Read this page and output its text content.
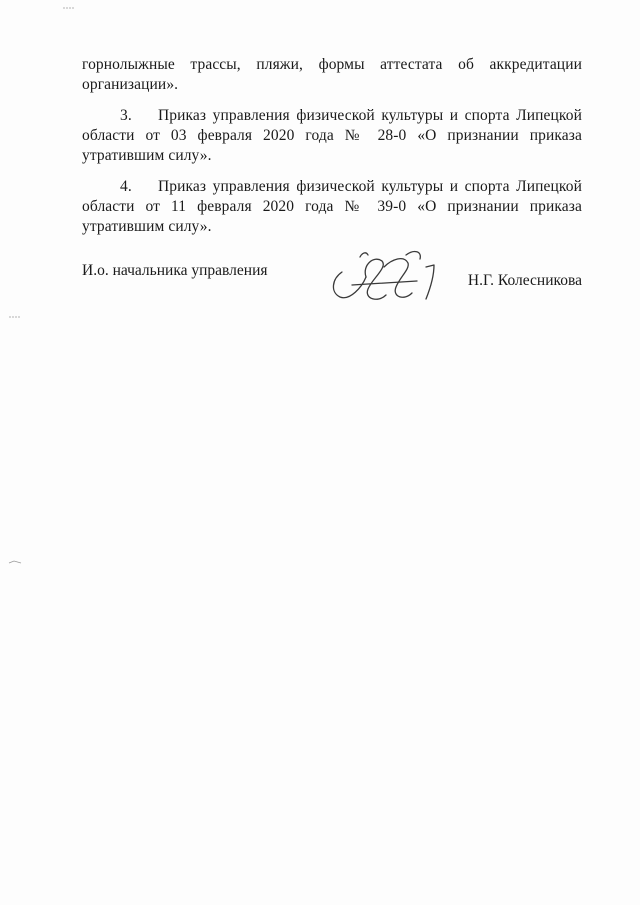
горнолыжные трассы, пляжи, формы аттестата об аккредитации организации».

3. Приказ управления физической культуры и спорта Липецкой области от 03 февраля 2020 года № 28-0 «О признании приказа утратившим силу».

4. Приказ управления физической культуры и спорта Липецкой области от 11 февраля 2020 года № 39-0 «О признании приказа утратившим силу».

И.о. начальника управления
Н.Г. Колесникова
